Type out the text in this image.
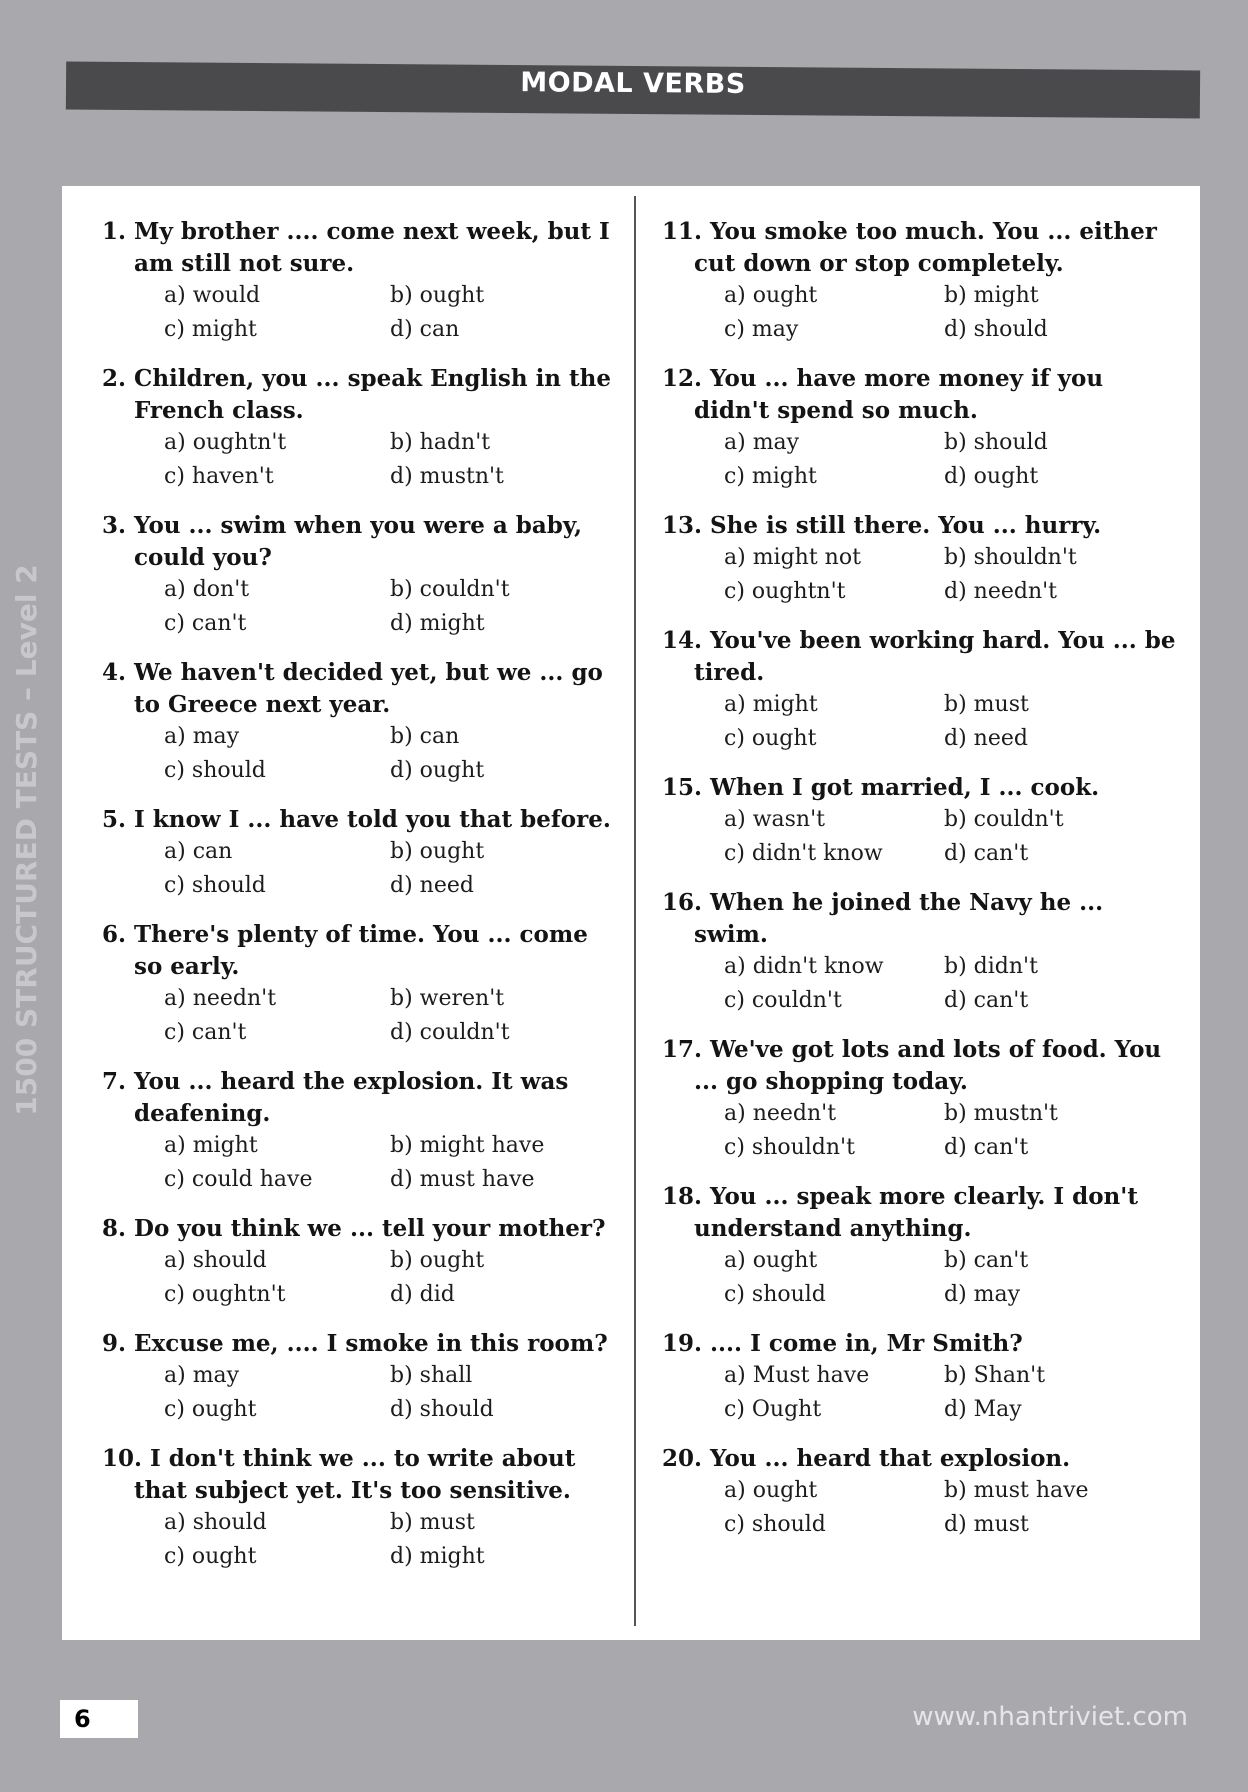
MODAL VERBS
1500 STRUCTURED TESTS – Level 2
1. My brother .... come next week, but I am still not sure.
a) would	b) ought
c) might	d) can
2. Children, you ... speak English in the French class.
a) oughtn't	b) hadn't
c) haven't	d) mustn't
3. You ... swim when you were a baby, could you?
a) don't	b) couldn't
c) can't	d) might
4. We haven't decided yet, but we ... go to Greece next year.
a) may	b) can
c) should	d) ought
5. I know I ... have told you that before.
a) can	b) ought
c) should	d) need
6. There's plenty of time. You ... come so early.
a) needn't	b) weren't
c) can't	d) couldn't
7. You ... heard the explosion. It was deafening.
a) might	b) might have
c) could have	d) must have
8. Do you think we ... tell your mother?
a) should	b) ought
c) oughtn't	d) did
9. Excuse me, .... I smoke in this room?
a) may	b) shall
c) ought	d) should
10. I don't think we ... to write about that subject yet. It's too sensitive.
a) should	b) must
c) ought	d) might
11. You smoke too much. You ... either cut down or stop completely.
a) ought	b) might
c) may	d) should
12. You ... have more money if you didn't spend so much.
a) may	b) should
c) might	d) ought
13. She is still there. You ... hurry.
a) might not	b) shouldn't
c) oughtn't	d) needn't
14. You've been working hard. You ... be tired.
a) might	b) must
c) ought	d) need
15. When I got married, I ... cook.
a) wasn't	b) couldn't
c) didn't know	d) can't
16. When he joined the Navy he ... swim.
a) didn't know	b) didn't
c) couldn't	d) can't
17. We've got lots and lots of food. You ... go shopping today.
a) needn't	b) mustn't
c) shouldn't	d) can't
18. You ... speak more clearly. I don't understand anything.
a) ought	b) can't
c) should	d) may
19. .... I come in, Mr Smith?
a) Must have	b) Shan't
c) Ought	d) May
20. You ... heard that explosion.
a) ought	b) must have
c) should	d) must
6	www.nhantriviet.com
